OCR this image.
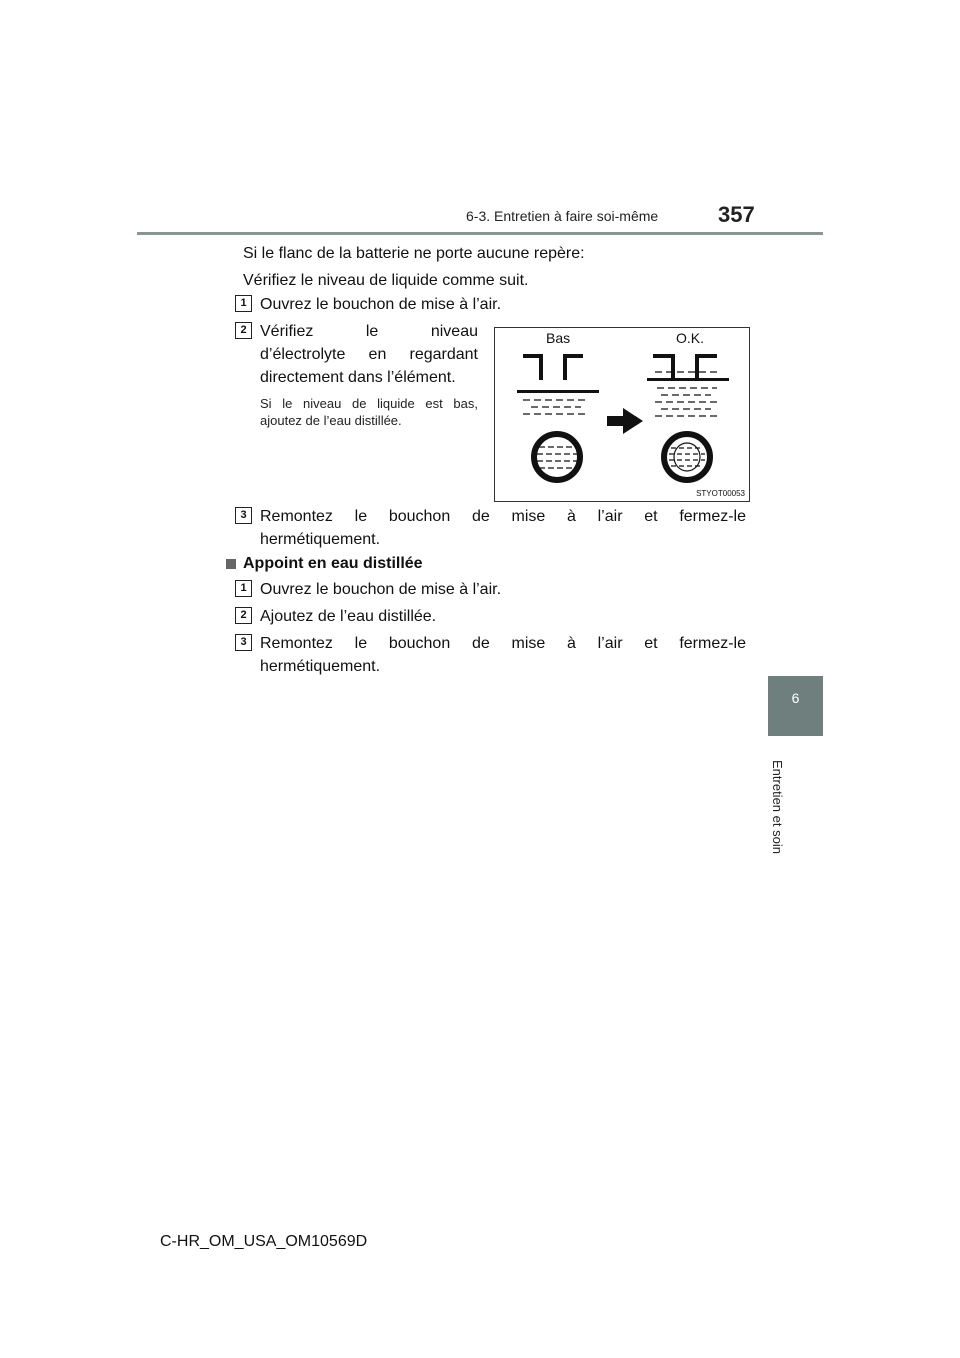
6-3. Entretien à faire soi-même	357
6
Entretien et soin
Si le flanc de la batterie ne porte aucune repère:
Vérifiez le niveau de liquide comme suit.
1 Ouvrez le bouchon de mise à l’air.
2 Vérifiez le niveau
d’électrolyte en regardant
directement dans l’élément.
Si le niveau de liquide est bas,
ajoutez de l’eau distillée.
Bas	O.K.
STYOT00053
3 Remontez le bouchon de mise à l’air et fermez-le
hermétiquement.
Appoint en eau distillée
1 Ouvrez le bouchon de mise à l’air.
2 Ajoutez de l’eau distillée.
3 Remontez le bouchon de mise à l’air et fermez-le
hermétiquement.
C-HR_OM_USA_OM10569D
